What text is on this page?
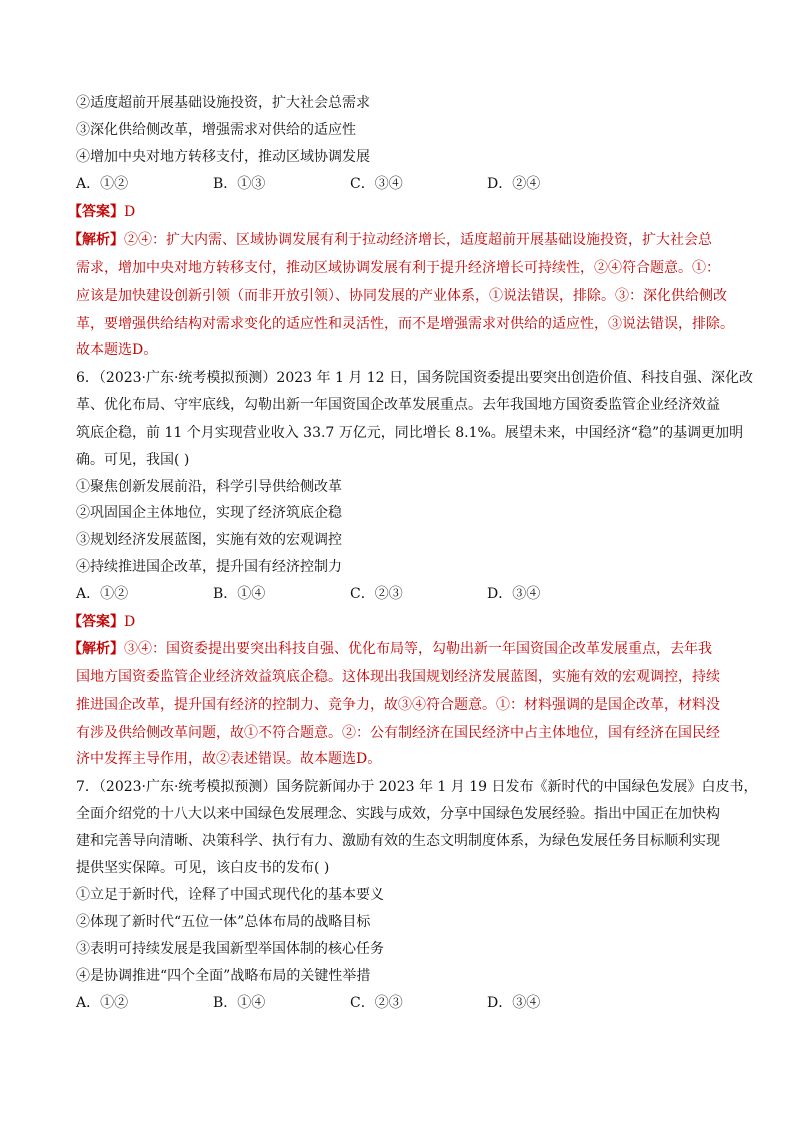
②适度超前开展基础设施投资，扩大社会总需求
③深化供给侧改革，增强需求对供给的适应性
④增加中央对地方转移支付，推动区域协调发展
A．①②	B．①③	C．③④	D．②④
【答案】D
【解析】②④：扩大内需、区域协调发展有利于拉动经济增长，适度超前开展基础设施投资，扩大社会总
需求，增加中央对地方转移支付，推动区域协调发展有利于提升经济增长可持续性，②④符合题意。①：
应该是加快建设创新引领（而非开放引领）、协同发展的产业体系，①说法错误，排除。③：深化供给侧改
革，要增强供给结构对需求变化的适应性和灵活性，而不是增强需求对供给的适应性，③说法错误，排除。
故本题选D。
6．（2023·广东·统考模拟预测）2023 年 1 月 12 日，国务院国资委提出要突出创造价值、科技自强、深化改
革、优化布局、守牢底线，勾勒出新一年国资国企改革发展重点。去年我国地方国资委监管企业经济效益
筑底企稳，前 11 个月实现营业收入 33.7 万亿元，同比增长 8.1%。展望未来，中国经济“稳”的基调更加明
确。可见，我国( )
①聚焦创新发展前沿，科学引导供给侧改革
②巩固国企主体地位，实现了经济筑底企稳
③规划经济发展蓝图，实施有效的宏观调控
④持续推进国企改革，提升国有经济控制力
A．①②	B．①④	C．②③	D．③④
【答案】D
【解析】③④：国资委提出要突出科技自强、优化布局等，勾勒出新一年国资国企改革发展重点，去年我
国地方国资委监管企业经济效益筑底企稳。这体现出我国规划经济发展蓝图，实施有效的宏观调控，持续
推进国企改革，提升国有经济的控制力、竞争力，故③④符合题意。①：材料强调的是国企改革，材料没
有涉及供给侧改革问题，故①不符合题意。②：公有制经济在国民经济中占主体地位，国有经济在国民经
济中发挥主导作用，故②表述错误。故本题选D。
7．（2023·广东·统考模拟预测）国务院新闻办于 2023 年 1 月 19 日发布《新时代的中国绿色发展》白皮书，
全面介绍党的十八大以来中国绿色发展理念、实践与成效，分享中国绿色发展经验。指出中国正在加快构
建和完善导向清晰、决策科学、执行有力、激励有效的生态文明制度体系，为绿色发展任务目标顺利实现
提供坚实保障。可见，该白皮书的发布( )
①立足于新时代，诠释了中国式现代化的基本要义
②体现了新时代“五位一体”总体布局的战略目标
③表明可持续发展是我国新型举国体制的核心任务
④是协调推进“四个全面”战略布局的关键性举措
A．①②	B．①④	C．②③	D．③④
